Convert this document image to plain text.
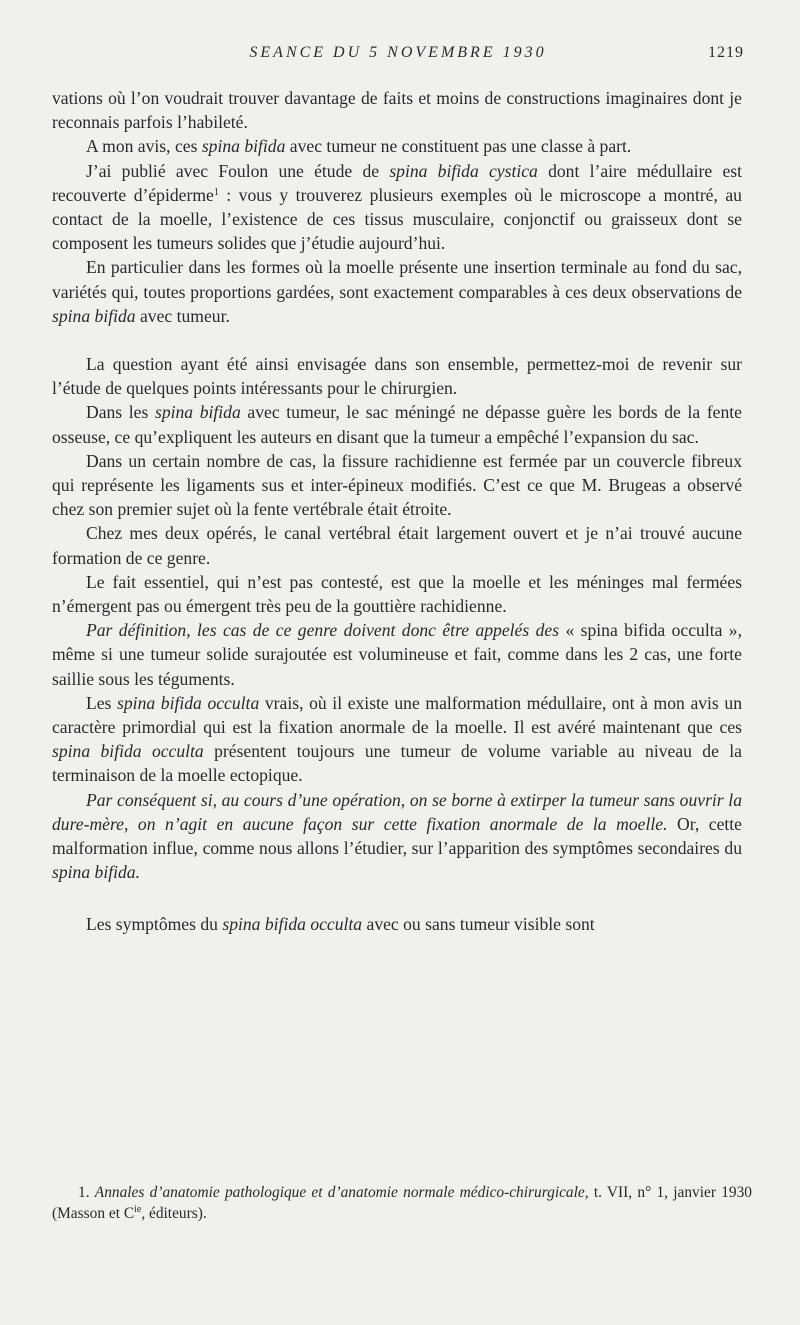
SEANCE DU 5 NOVEMBRE 1930	1219

vations où l’on voudrait trouver davantage de faits et moins de constructions imaginaires dont je reconnais parfois l’habileté.

A mon avis, ces spina bifida avec tumeur ne constituent pas une classe à part.

J’ai publié avec Foulon une étude de spina bifida cystica dont l’aire médullaire est recouverte d’épiderme$^1$ : vous y trouverez plusieurs exemples où le microscope a montré, au contact de la moelle, l’existence de ces tissus musculaire, conjonctif ou graisseux dont se composent les tumeurs solides que j’étudie aujourd’hui.

En particulier dans les formes où la moelle présente une insertion terminale au fond du sac, variétés qui, toutes proportions gardées, sont exactement comparables à ces deux observations de spina bifida avec tumeur.

La question ayant été ainsi envisagée dans son ensemble, permettez-moi de revenir sur l’étude de quelques points intéressants pour le chirurgien.

Dans les spina bifida avec tumeur, le sac méningé ne dépasse guère les bords de la fente osseuse, ce qu’expliquent les auteurs en disant que la tumeur a empêché l’expansion du sac.

Dans un certain nombre de cas, la fissure rachidienne est fermée par un couvercle fibreux qui représente les ligaments sus et inter-épineux modifiés. C’est ce que M. Brugeas a observé chez son premier sujet où la fente vertébrale était étroite.

Chez mes deux opérés, le canal vertébral était largement ouvert et je n’ai trouvé aucune formation de ce genre.

Le fait essentiel, qui n’est pas contesté, est que la moelle et les méninges mal fermées n’émergent pas ou émergent très peu de la gouttière rachidienne.

Par définition, les cas de ce genre doivent donc être appelés des « spina bifida occulta », même si une tumeur solide surajoutée est volumineuse et fait, comme dans les 2 cas, une forte saillie sous les téguments.

Les spina bifida occulta vrais, où il existe une malformation médullaire, ont à mon avis un caractère primordial qui est la fixation anormale de la moelle. Il est avéré maintenant que ces spina bifida occulta présentent toujours une tumeur de volume variable au niveau de la terminaison de la moelle ectopique.

Par conséquent si, au cours d’une opération, on se borne à extirper la tumeur sans ouvrir la dure-mère, on n’agit en aucune façon sur cette fixation anormale de la moelle. Or, cette malformation influe, comme nous allons l’étudier, sur l’apparition des symptômes secondaires du spina bifida.

Les symptômes du spina bifida occulta avec ou sans tumeur visible sont

1. Annales d’anatomie pathologique et d’anatomie normale médico-chirurgicale, t. VII, n° 1, janvier 1930 (Masson et $C^{ie}$, éditeurs).
